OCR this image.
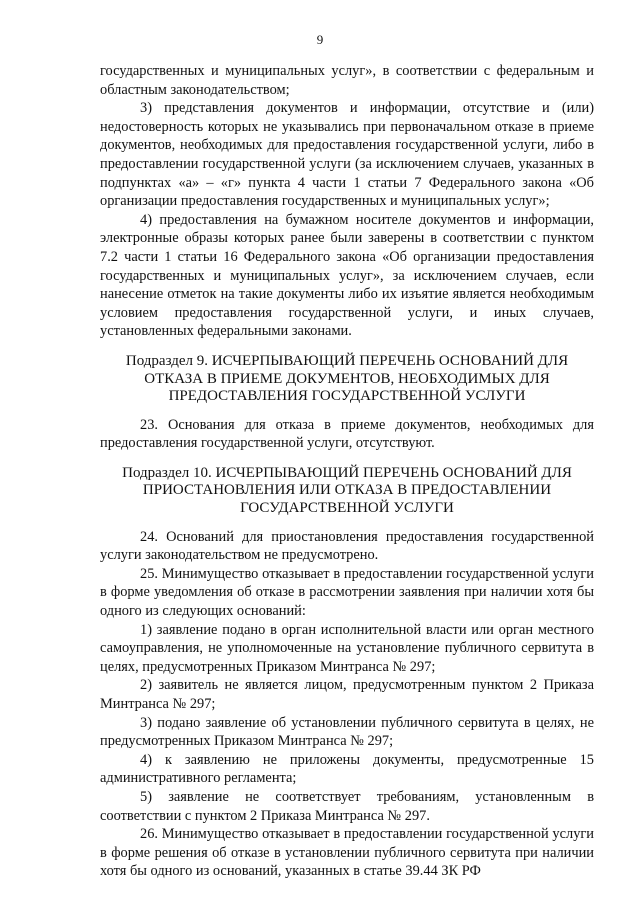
9

государственных и муниципальных услуг», в соответствии с федеральным и областным законодательством;

3) представления документов и информации, отсутствие и (или) недостоверность которых не указывались при первоначальном отказе в приеме документов, необходимых для предоставления государственной услуги, либо в предоставлении государственной услуги (за исключением случаев, указанных в подпунктах «а» – «г» пункта 4 части 1 статьи 7 Федерального закона «Об организации предоставления государственных и муниципальных услуг»;

4) предоставления на бумажном носителе документов и информации, электронные образы которых ранее были заверены в соответствии с пунктом 7.2 части 1 статьи 16 Федерального закона «Об организации предоставления государственных и муниципальных услуг», за исключением случаев, если нанесение отметок на такие документы либо их изъятие является необходимым условием предоставления государственной услуги, и иных случаев, установленных федеральными законами.

Подраздел 9. ИСЧЕРПЫВАЮЩИЙ ПЕРЕЧЕНЬ ОСНОВАНИЙ ДЛЯ
ОТКАЗА В ПРИЕМЕ ДОКУМЕНТОВ, НЕОБХОДИМЫХ ДЛЯ
ПРЕДОСТАВЛЕНИЯ ГОСУДАРСТВЕННОЙ УСЛУГИ

23. Основания для отказа в приеме документов, необходимых для предоставления государственной услуги, отсутствуют.

Подраздел 10. ИСЧЕРПЫВАЮЩИЙ ПЕРЕЧЕНЬ ОСНОВАНИЙ ДЛЯ
ПРИОСТАНОВЛЕНИЯ ИЛИ ОТКАЗА В ПРЕДОСТАВЛЕНИИ
ГОСУДАРСТВЕННОЙ УСЛУГИ

24. Оснований для приостановления предоставления государственной услуги законодательством не предусмотрено.

25. Минимущество отказывает в предоставлении государственной услуги в форме уведомления об отказе в рассмотрении заявления при наличии хотя бы одного из следующих оснований:

1) заявление подано в орган исполнительной власти или орган местного самоуправления, не уполномоченные на установление публичного сервитута в целях, предусмотренных Приказом Минтранса № 297;

2) заявитель не является лицом, предусмотренным пунктом 2 Приказа Минтранса № 297;

3) подано заявление об установлении публичного сервитута в целях, не предусмотренных Приказом Минтранса № 297;

4) к заявлению не приложены документы, предусмотренные 15 административного регламента;

5) заявление не соответствует требованиям, установленным в соответствии с пунктом 2 Приказа Минтранса № 297.

26. Минимущество отказывает в предоставлении государственной услуги в форме решения об отказе в установлении публичного сервитута при наличии хотя бы одного из оснований, указанных в статье 39.44 ЗК РФ
